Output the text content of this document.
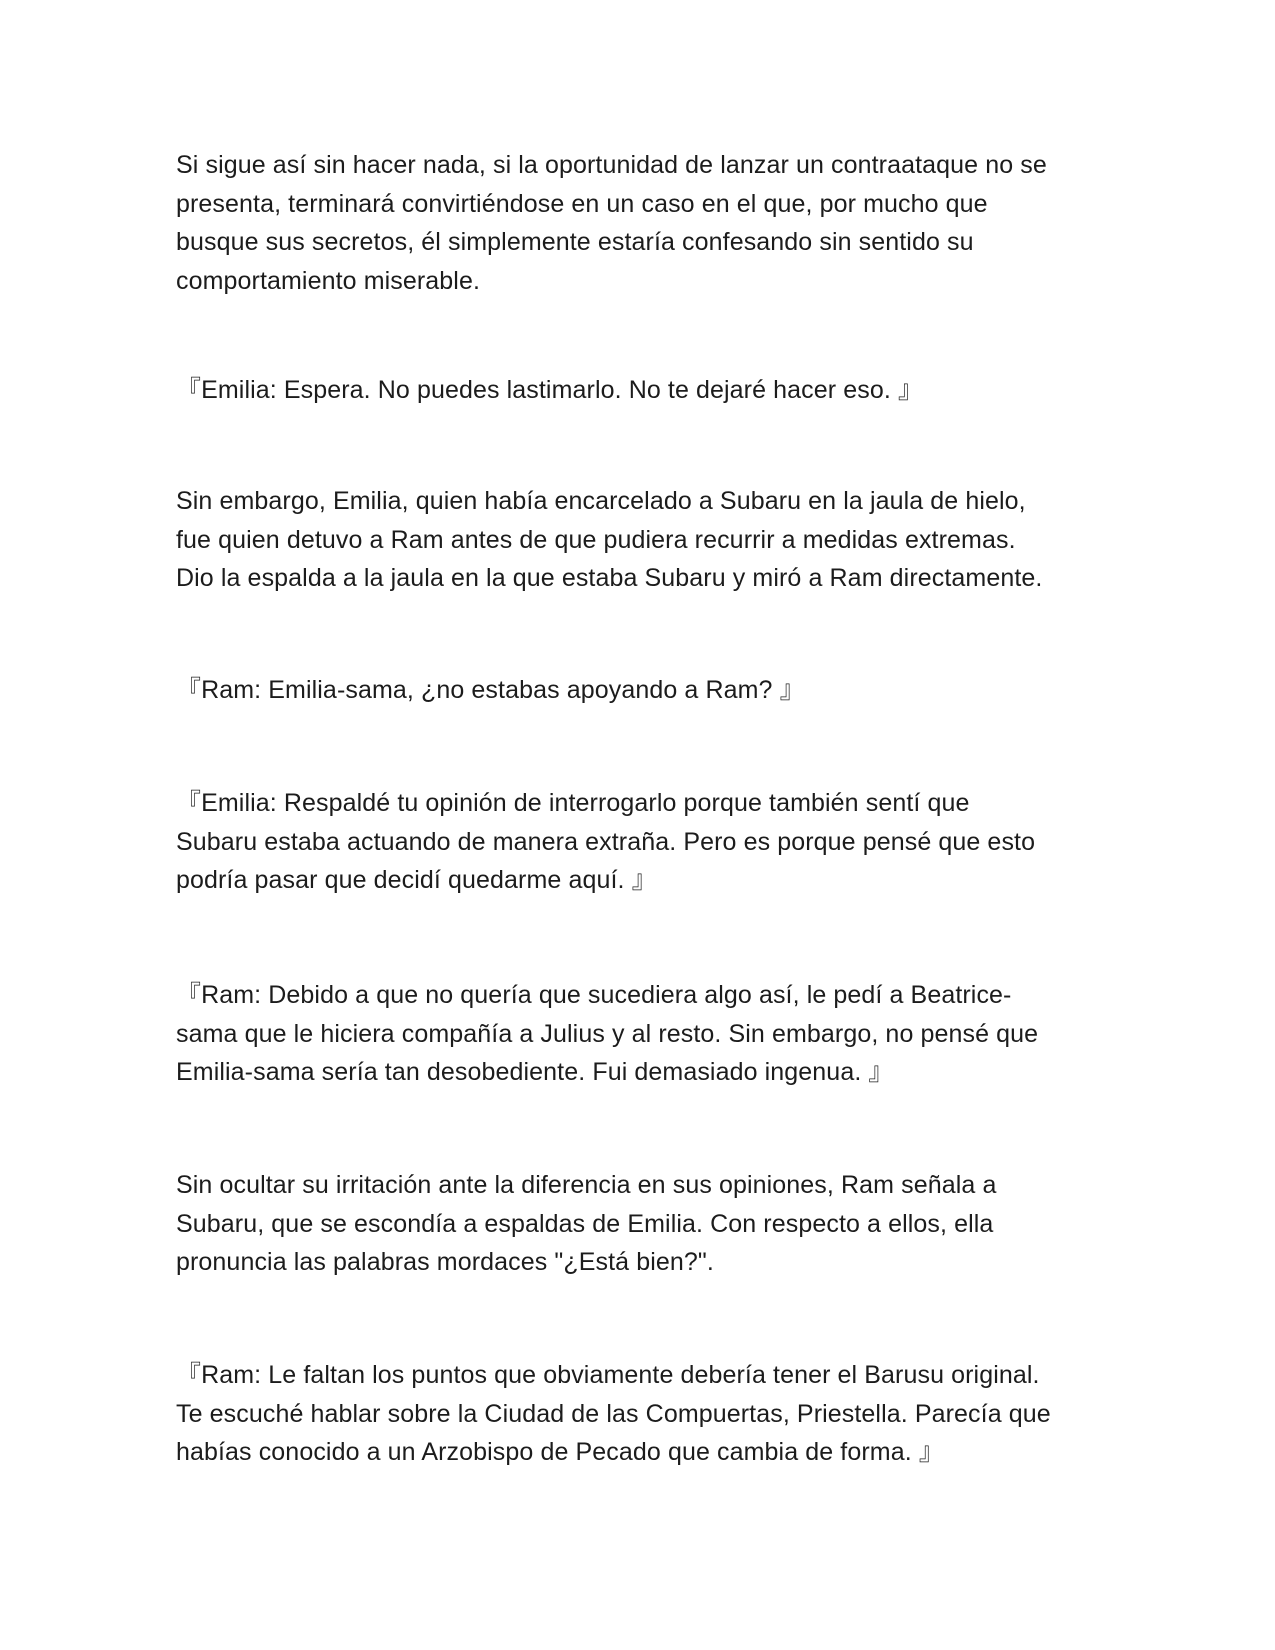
Si sigue así sin hacer nada, si la oportunidad de lanzar un contraataque no se
presenta, terminará convirtiéndose en un caso en el que, por mucho que
busque sus secretos, él simplemente estaría confesando sin sentido su
comportamiento miserable.

『Emilia: Espera. No puedes lastimarlo. No te dejaré hacer eso. 』

Sin embargo, Emilia, quien había encarcelado a Subaru en la jaula de hielo,
fue quien detuvo a Ram antes de que pudiera recurrir a medidas extremas.
Dio la espalda a la jaula en la que estaba Subaru y miró a Ram directamente.

『Ram: Emilia-sama, ¿no estabas apoyando a Ram? 』

『Emilia: Respaldé tu opinión de interrogarlo porque también sentí que
Subaru estaba actuando de manera extraña. Pero es porque pensé que esto
podría pasar que decidí quedarme aquí. 』

『Ram: Debido a que no quería que sucediera algo así, le pedí a Beatrice-
sama que le hiciera compañía a Julius y al resto. Sin embargo, no pensé que
Emilia-sama sería tan desobediente. Fui demasiado ingenua. 』

Sin ocultar su irritación ante la diferencia en sus opiniones, Ram señala a
Subaru, que se escondía a espaldas de Emilia. Con respecto a ellos, ella
pronuncia las palabras mordaces "¿Está bien?".

『Ram: Le faltan los puntos que obviamente debería tener el Barusu original.
Te escuché hablar sobre la Ciudad de las Compuertas, Priestella. Parecía que
habías conocido a un Arzobispo de Pecado que cambia de forma. 』
